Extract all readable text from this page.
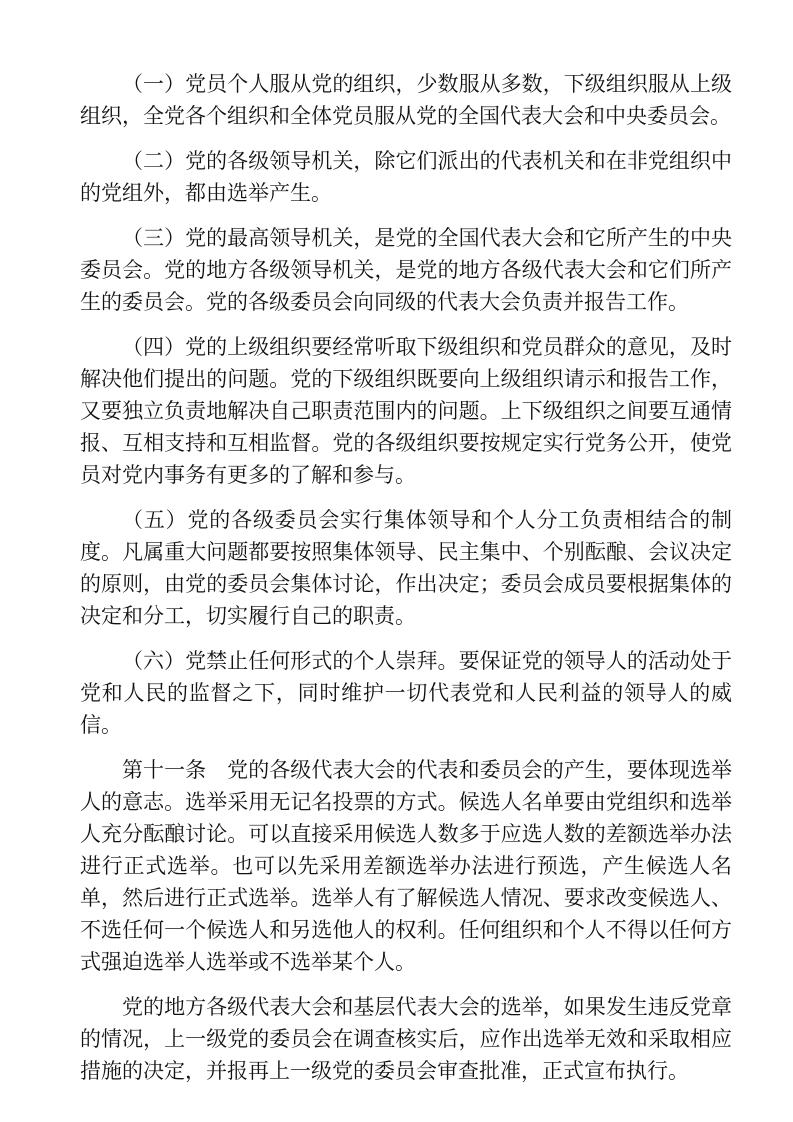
（一）党员个人服从党的组织，少数服从多数，下级组织服从上级组织，全党各个组织和全体党员服从党的全国代表大会和中央委员会。

（二）党的各级领导机关，除它们派出的代表机关和在非党组织中的党组外，都由选举产生。

（三）党的最高领导机关，是党的全国代表大会和它所产生的中央委员会。党的地方各级领导机关，是党的地方各级代表大会和它们所产生的委员会。党的各级委员会向同级的代表大会负责并报告工作。

（四）党的上级组织要经常听取下级组织和党员群众的意见，及时解决他们提出的问题。党的下级组织既要向上级组织请示和报告工作，又要独立负责地解决自己职责范围内的问题。上下级组织之间要互通情报、互相支持和互相监督。党的各级组织要按规定实行党务公开，使党员对党内事务有更多的了解和参与。

（五）党的各级委员会实行集体领导和个人分工负责相结合的制度。凡属重大问题都要按照集体领导、民主集中、个别酝酿、会议决定的原则，由党的委员会集体讨论，作出决定；委员会成员要根据集体的决定和分工，切实履行自己的职责。

（六）党禁止任何形式的个人崇拜。要保证党的领导人的活动处于党和人民的监督之下，同时维护一切代表党和人民利益的领导人的威信。

第十一条　党的各级代表大会的代表和委员会的产生，要体现选举人的意志。选举采用无记名投票的方式。候选人名单要由党组织和选举人充分酝酿讨论。可以直接采用候选人数多于应选人数的差额选举办法进行正式选举。也可以先采用差额选举办法进行预选，产生候选人名单，然后进行正式选举。选举人有了解候选人情况、要求改变候选人、不选任何一个候选人和另选他人的权利。任何组织和个人不得以任何方式强迫选举人选举或不选举某个人。

党的地方各级代表大会和基层代表大会的选举，如果发生违反党章的情况，上一级党的委员会在调查核实后，应作出选举无效和采取相应措施的决定，并报再上一级党的委员会审查批准，正式宣布执行。
